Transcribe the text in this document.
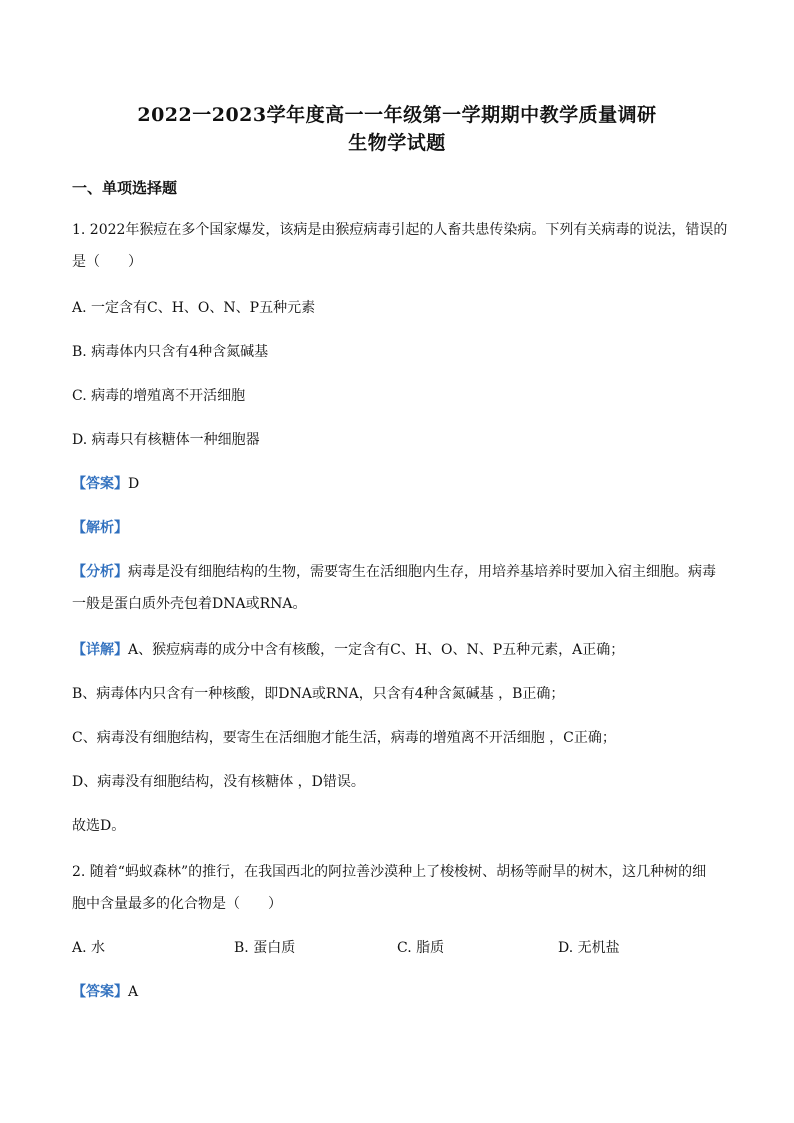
2022一2023学年度高一一年级第一学期期中教学质量调研
生物学试题
一、单项选择题
1. 2022年猴痘在多个国家爆发，该病是由猴痘病毒引起的人畜共患传染病。下列有关病毒的说法，错误的
是（　　）
A. 一定含有C、H、O、N、P五种元素
B. 病毒体内只含有4种含氮碱基
C. 病毒的增殖离不开活细胞
D. 病毒只有核糖体一种细胞器
【答案】D
【解析】
【分析】病毒是没有细胞结构的生物，需要寄生在活细胞内生存，用培养基培养时要加入宿主细胞。病毒
一般是蛋白质外壳包着DNA或RNA。
【详解】A、猴痘病毒的成分中含有核酸，一定含有C、H、O、N、P五种元素，A正确；
B、病毒体内只含有一种核酸，即DNA或RNA，只含有4种含氮碱基 ，B正确；
C、病毒没有细胞结构，要寄生在活细胞才能生活，病毒的增殖离不开活细胞 ，C正确；
D、病毒没有细胞结构，没有核糖体 ，D错误。
故选D。
2. 随着“蚂蚁森林”的推行，在我国西北的阿拉善沙漠种上了梭梭树、胡杨等耐旱的树木，这几种树的细
胞中含量最多的化合物是（　　）
A. 水	B. 蛋白质	C. 脂质	D. 无机盐
【答案】A
